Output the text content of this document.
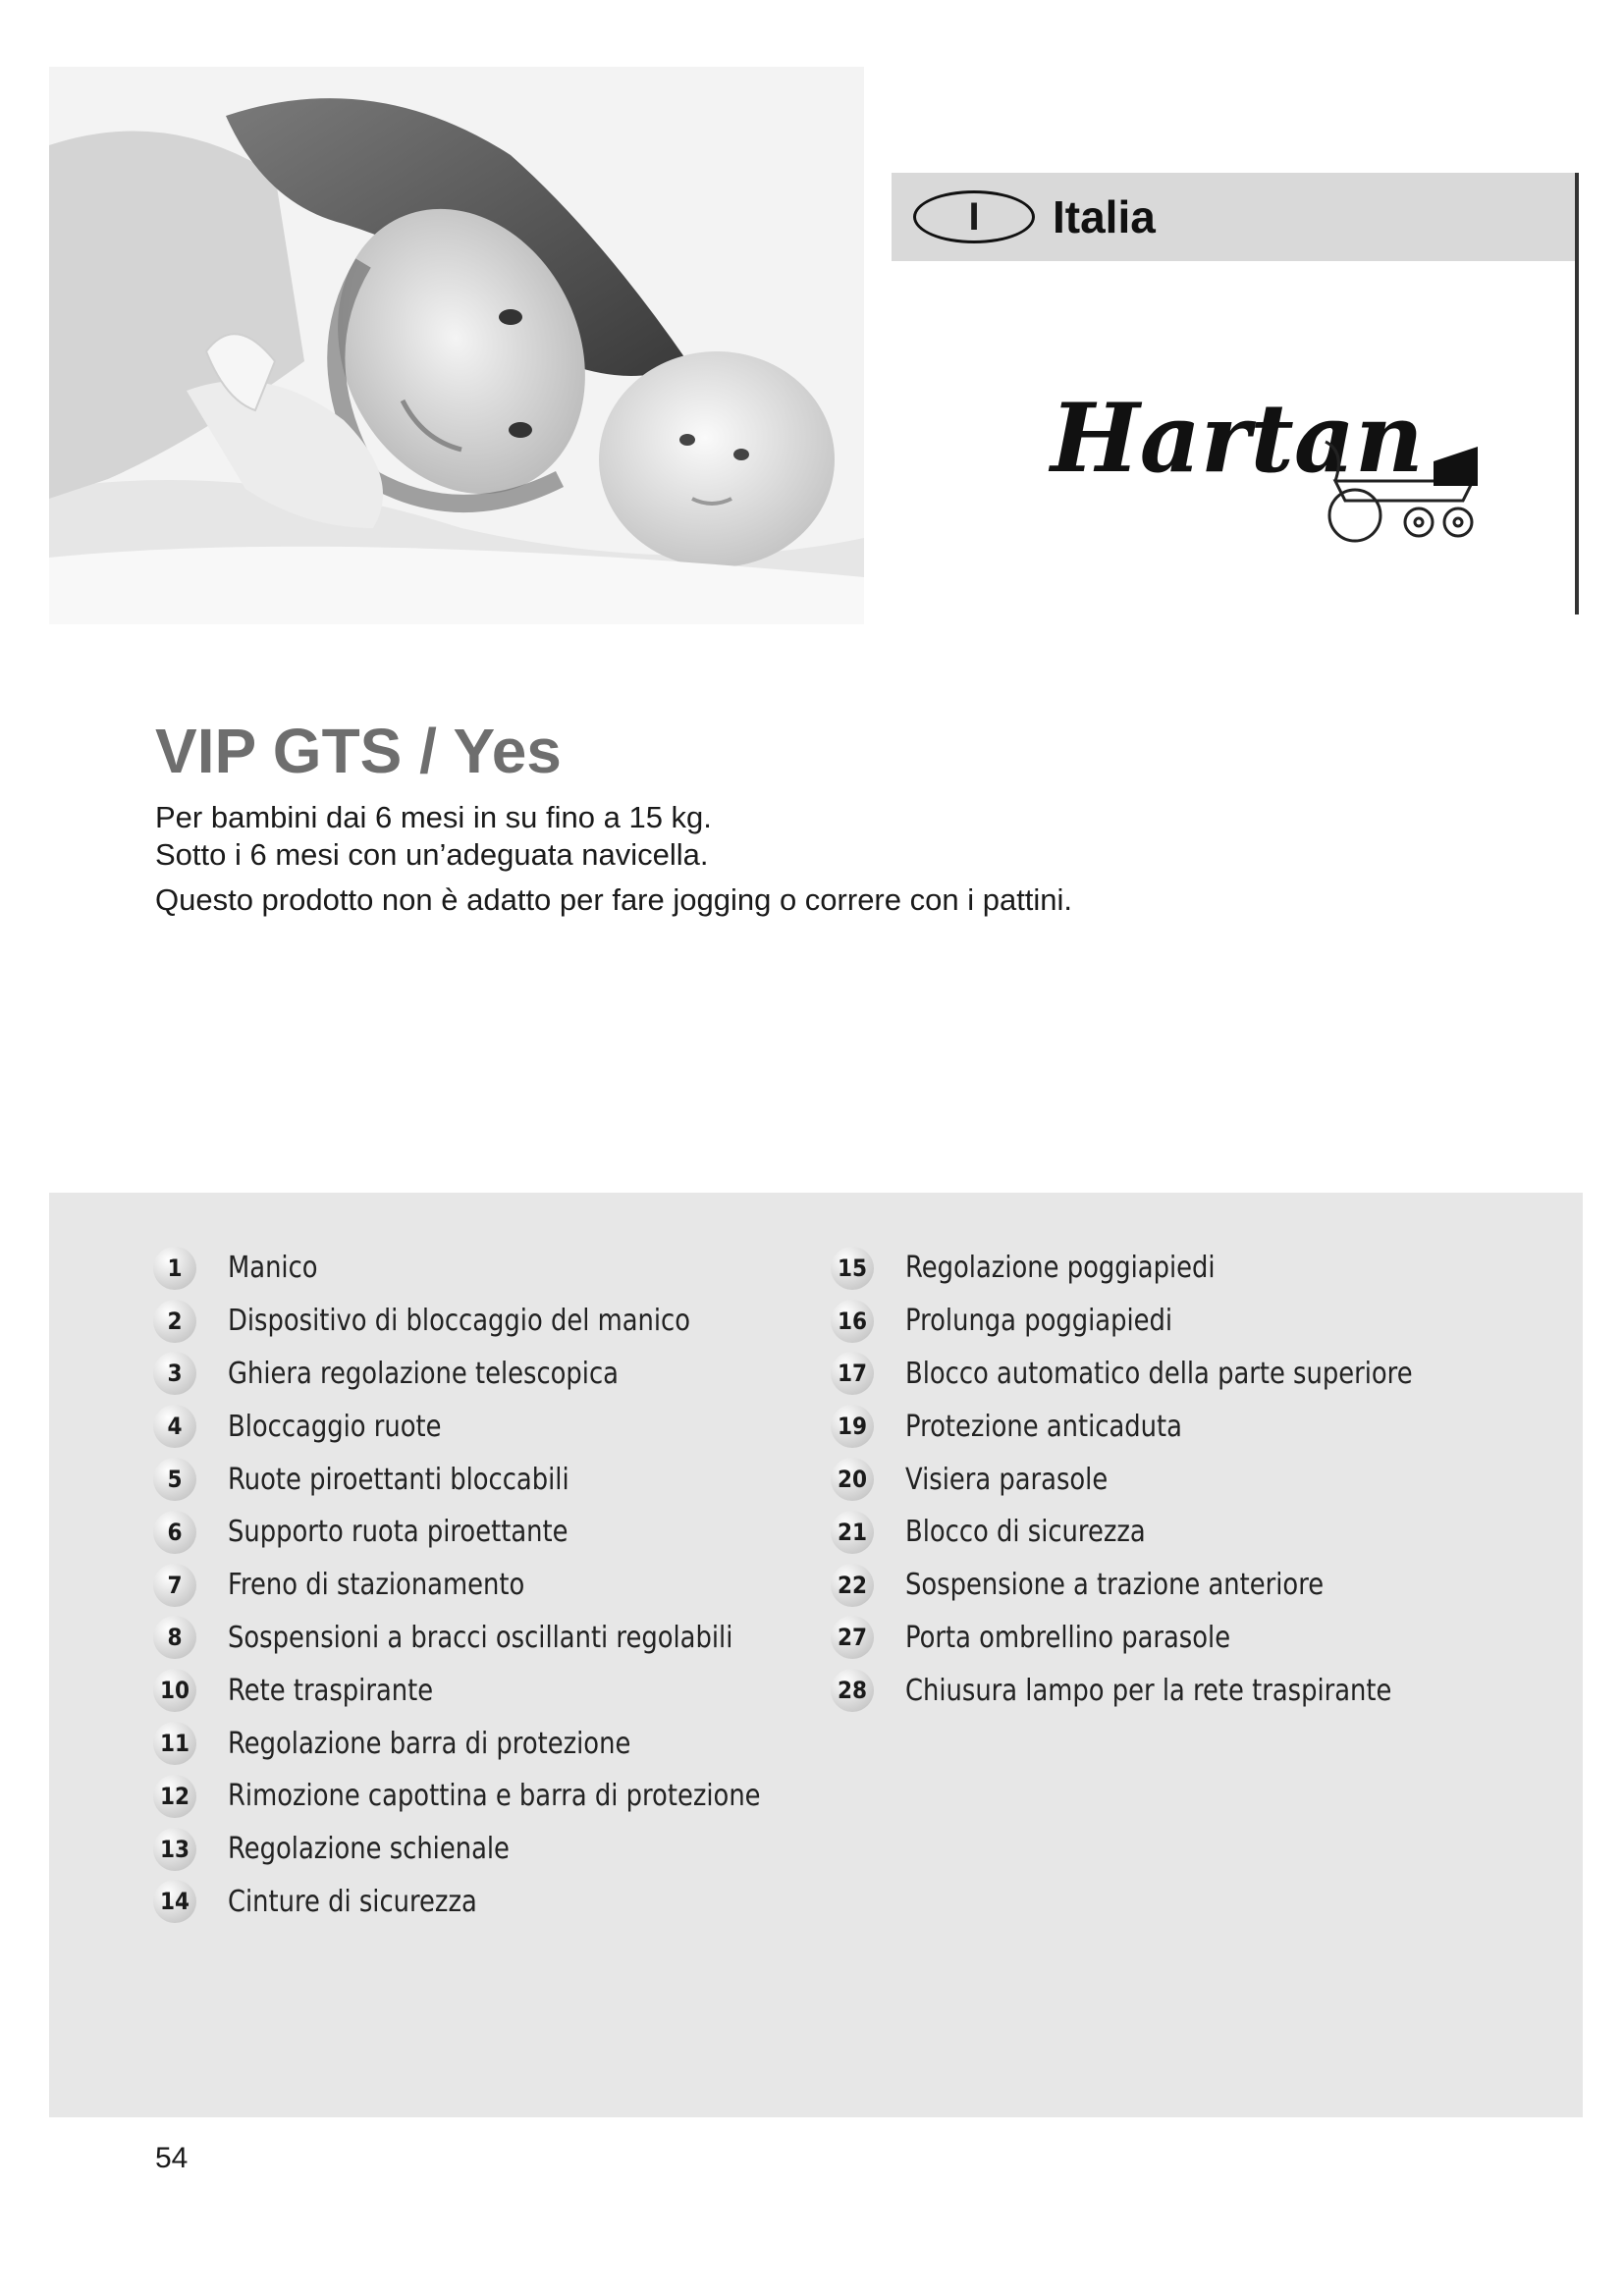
I Italia
Hartan
VIP GTS / Yes
Per bambini dai 6 mesi in su fino a 15 kg.
Sotto i 6 mesi con un’adeguata navicella.
Questo prodotto non è adatto per fare jogging o correre con i pattini.
1	Manico
2	Dispositivo di bloccaggio del manico
3	Ghiera regolazione telescopica
4	Bloccaggio ruote
5	Ruote piroettanti bloccabili
6	Supporto ruota piroettante
7	Freno di stazionamento
8	Sospensioni a bracci oscillanti regolabili
10 Rete traspirante
11 Regolazione barra di protezione
12 Rimozione capottina e barra di protezione
13 Regolazione schienale
14 Cinture di sicurezza
15 Regolazione poggiapiedi
16 Prolunga poggiapiedi
17 Blocco automatico della parte superiore
19 Protezione anticaduta
20 Visiera parasole
21 Blocco di sicurezza
22 Sospensione a trazione anteriore
27 Porta ombrellino parasole
28 Chiusura lampo per la rete traspirante
54
